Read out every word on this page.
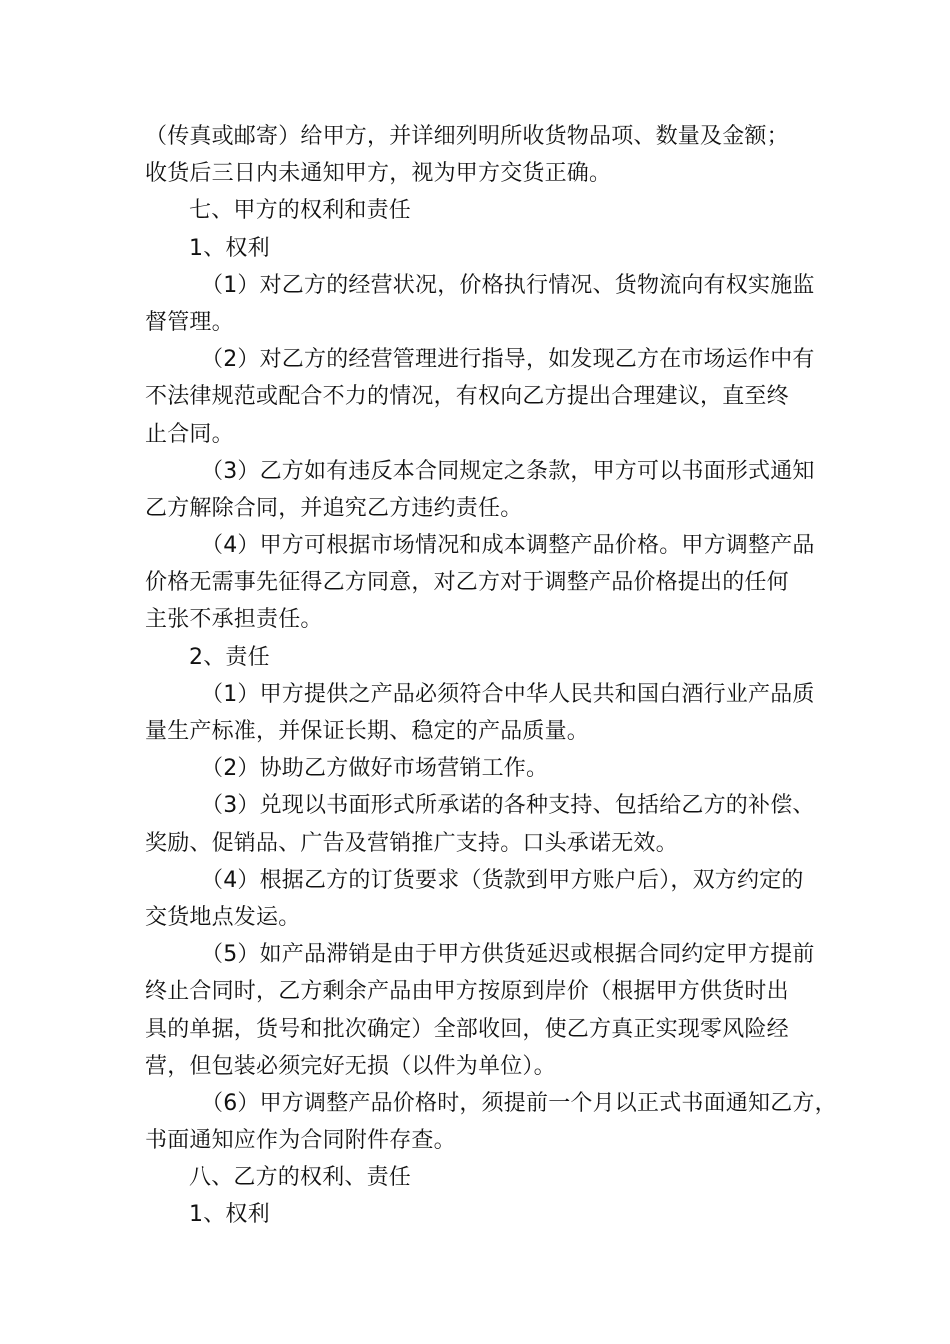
（传真或邮寄）给甲方，并详细列明所收货物品项、数量及金额；
收货后三日内未通知甲方，视为甲方交货正确。
七、甲方的权利和责任
1、权利
（1）对乙方的经营状况，价格执行情况、货物流向有权实施监
督管理。
（2）对乙方的经营管理进行指导，如发现乙方在市场运作中有
不法律规范或配合不力的情况，有权向乙方提出合理建议，直至终
止合同。
（3）乙方如有违反本合同规定之条款，甲方可以书面形式通知
乙方解除合同，并追究乙方违约责任。
（4）甲方可根据市场情况和成本调整产品价格。甲方调整产品
价格无需事先征得乙方同意，对乙方对于调整产品价格提出的任何
主张不承担责任。
2、责任
（1）甲方提供之产品必须符合中华人民共和国白酒行业产品质
量生产标准，并保证长期、稳定的产品质量。
（2）协助乙方做好市场营销工作。
（3）兑现以书面形式所承诺的各种支持、包括给乙方的补偿、
奖励、促销品、广告及营销推广支持。口头承诺无效。
（4）根据乙方的订货要求（货款到甲方账户后），双方约定的
交货地点发运。
（5）如产品滞销是由于甲方供货延迟或根据合同约定甲方提前
终止合同时，乙方剩余产品由甲方按原到岸价（根据甲方供货时出
具的单据，货号和批次确定）全部收回，使乙方真正实现零风险经
营，但包装必须完好无损（以件为单位）。
（6）甲方调整产品价格时，须提前一个月以正式书面通知乙方，
书面通知应作为合同附件存查。
八、乙方的权利、责任
1、权利
